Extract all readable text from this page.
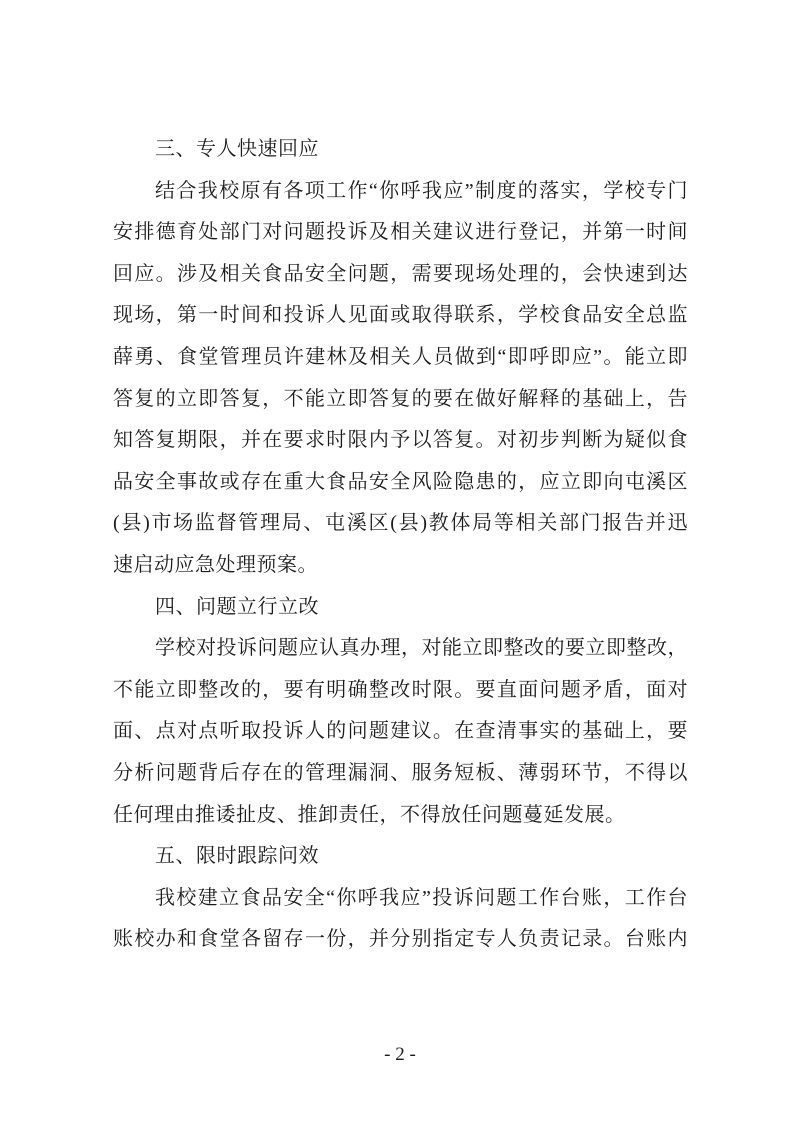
三、专人快速回应
结合我校原有各项工作“你呼我应”制度的落实，学校专门
安排德育处部门对问题投诉及相关建议进行登记，并第一时间
回应。涉及相关食品安全问题，需要现场处理的，会快速到达
现场，第一时间和投诉人见面或取得联系，学校食品安全总监
薛勇、食堂管理员许建林及相关人员做到“即呼即应”。能立即
答复的立即答复，不能立即答复的要在做好解释的基础上，告
知答复期限，并在要求时限内予以答复。对初步判断为疑似食
品安全事故或存在重大食品安全风险隐患的，应立即向屯溪区
(县)市场监督管理局、屯溪区(县)教体局等相关部门报告并迅
速启动应急处理预案。
四、问题立行立改
学校对投诉问题应认真办理，对能立即整改的要立即整改，
不能立即整改的，要有明确整改时限。要直面问题矛盾，面对
面、点对点听取投诉人的问题建议。在查清事实的基础上，要
分析问题背后存在的管理漏洞、服务短板、薄弱环节，不得以
任何理由推诿扯皮、推卸责任，不得放任问题蔓延发展。
五、限时跟踪问效
我校建立食品安全“你呼我应”投诉问题工作台账，工作台
账校办和食堂各留存一份，并分别指定专人负责记录。台账内
- 2 -
